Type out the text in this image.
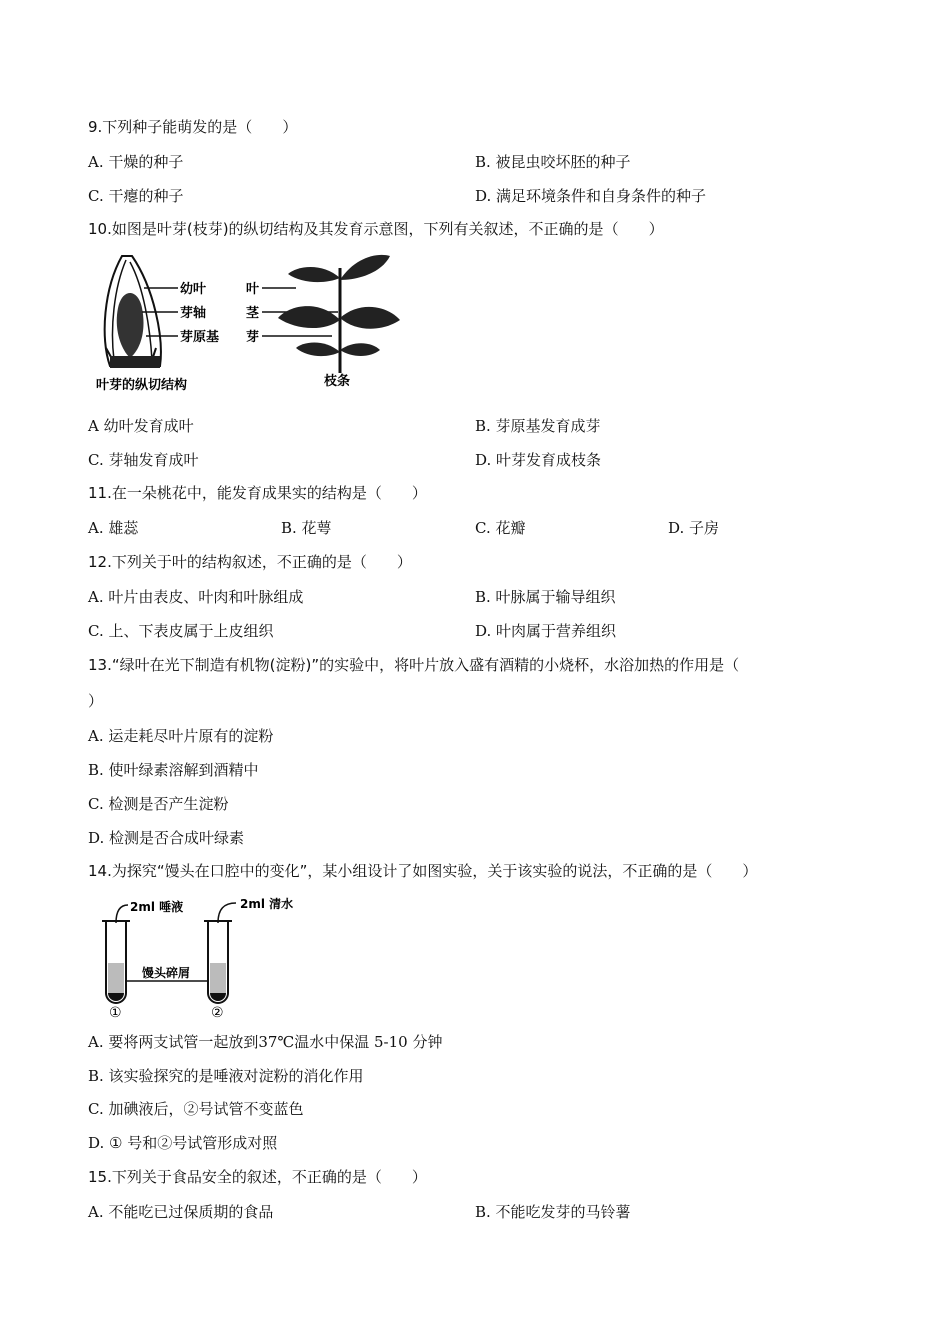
9.下列种子能萌发的是（　　）
A. 干燥的种子	B. 被昆虫咬坏胚的种子
C. 干瘪的种子	D. 满足环境条件和自身条件的种子
10.如图是叶芽(枝芽)的纵切结构及其发育示意图，下列有关叙述，不正确的是（　　）
幼叶
芽轴
芽原基
叶芽的纵切结构
叶
茎
芽
枝条
A 幼叶发育成叶	B. 芽原基发育成芽
C. 芽轴发育成叶	D. 叶芽发育成枝条
11.在一朵桃花中，能发育成果实的结构是（　　）
A. 雄蕊	B. 花萼	C. 花瓣	D. 子房
12.下列关于叶的结构叙述，不正确的是（　　）
A. 叶片由表皮、叶肉和叶脉组成	B. 叶脉属于输导组织
C. 上、下表皮属于上皮组织	D. 叶肉属于营养组织
13.“绿叶在光下制造有机物(淀粉)”的实验中，将叶片放入盛有酒精的小烧杯，水浴加热的作用是（
）
A. 运走耗尽叶片原有的淀粉
B. 使叶绿素溶解到酒精中
C. 检测是否产生淀粉
D. 检测是否合成叶绿素
14.为探究“馒头在口腔中的变化”，某小组设计了如图实验，关于该实验的说法，不正确的是（　　）
2ml 唾液	2ml 清水
馒头碎屑
①	②
A. 要将两支试管一起放到37℃温水中保温 5-10 分钟
B. 该实验探究的是唾液对淀粉的消化作用
C. 加碘液后，②号试管不变蓝色
D. ① 号和②号试管形成对照
15.下列关于食品安全的叙述，不正确的是（　　）
A. 不能吃已过保质期的食品	B. 不能吃发芽的马铃薯
